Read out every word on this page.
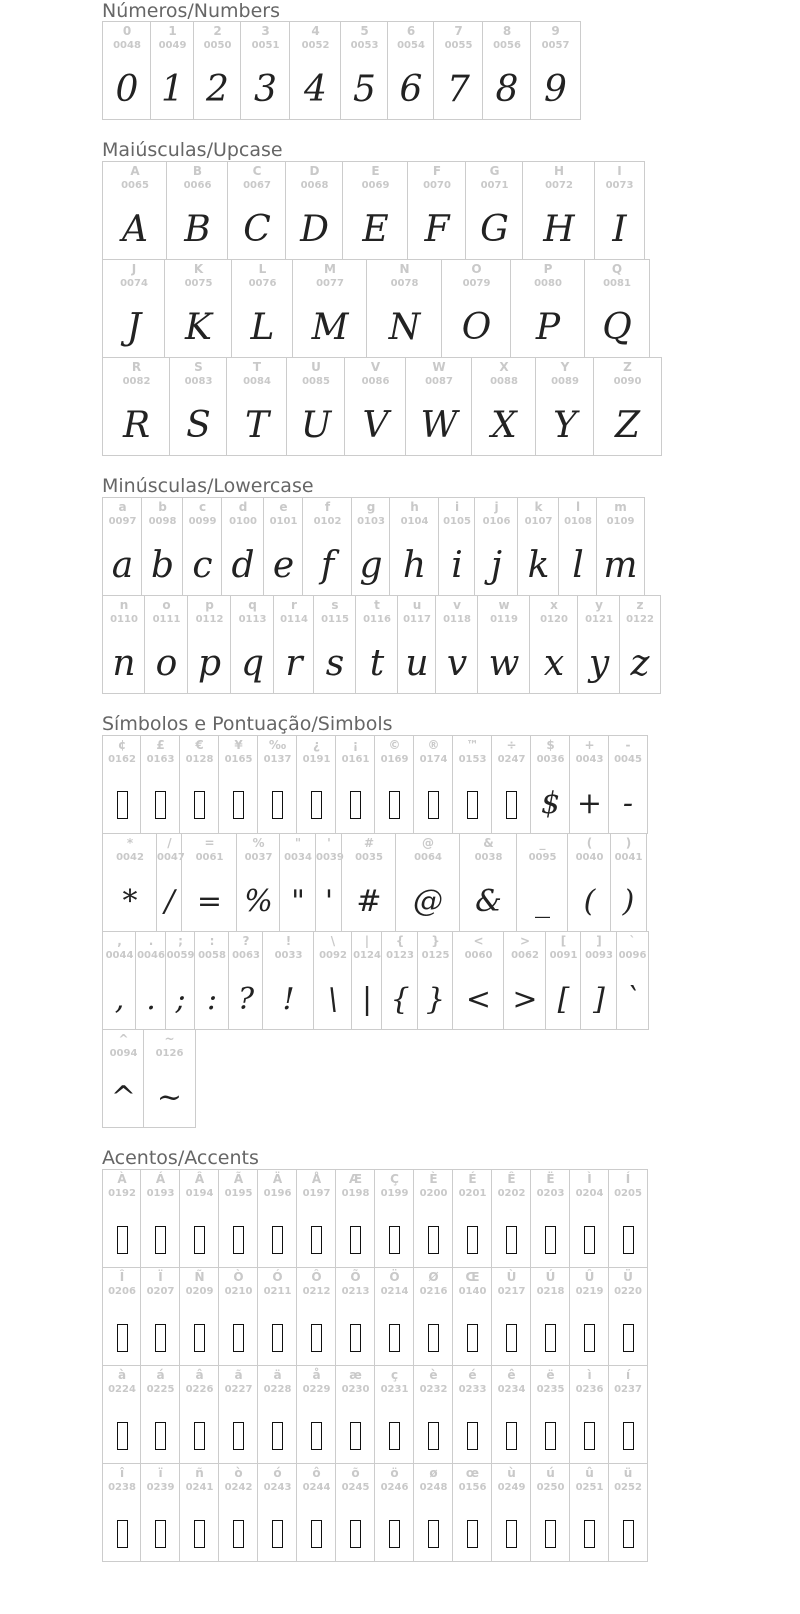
Números/Numbers
0
0048
0
1
0049
1
2
0050
2
3
0051
3
4
0052
4
5
0053
5
6
0054
6
7
0055
7
8
0056
8
9
0057
9
Maiúsculas/Upcase
A
0065
A
B
0066
B
C
0067
C
D
0068
D
E
0069
E
F
0070
F
G
0071
G
H
0072
H
I
0073
I
J
0074
J
K
0075
K
L
0076
L
M
0077
M
N
0078
N
O
0079
O
P
0080
P
Q
0081
Q
R
0082
R
S
0083
S
T
0084
T
U
0085
U
V
0086
V
W
0087
W
X
0088
X
Y
0089
Y
Z
0090
Z
Minúsculas/Lowercase
a
0097
a
b
0098
b
c
0099
c
d
0100
d
e
0101
e
f
0102
f
g
0103
g
h
0104
h
i
0105
i
j
0106
j
k
0107
k
l
0108
l
m
0109
m
n
0110
n
o
0111
o
p
0112
p
q
0113
q
r
0114
r
s
0115
s
t
0116
t
u
0117
u
v
0118
v
w
0119
w
x
0120
x
y
0121
y
z
0122
z
Símbolos e Pontuação/Simbols
¢
0162
£
0163
€
0128
¥
0165
‰
0137
¿
0191
¡
0161
©
0169
®
0174
™
0153
÷
0247
$
0036
$
+
0043
+
-
0045
-
*
0042
*
/
0047
/
=
0061
=
%
0037
%
"
0034
"
'
0039
'
#
0035
#
@
0064
@
&
0038
&
_
0095
_
(
0040
(
)
0041
)
,
0044
,
.
0046
.
;
0059
;
:
0058
:
?
0063
?
!
0033
!
\
0092
\
|
0124
|
{
0123
{
}
0125
}
<
0060
<
>
0062
>
[
0091
[
]
0093
]
`
0096
`
^
0094
^
~
0126
~
Acentos/Accents
À
0192
Á
0193
Â
0194
Ã
0195
Ä
0196
Å
0197
Æ
0198
Ç
0199
È
0200
É
0201
Ê
0202
Ë
0203
Ì
0204
Í
0205
Î
0206
Ï
0207
Ñ
0209
Ò
0210
Ó
0211
Ô
0212
Õ
0213
Ö
0214
Ø
0216
Œ
0140
Ù
0217
Ú
0218
Û
0219
Ü
0220
à
0224
á
0225
â
0226
ã
0227
ä
0228
å
0229
æ
0230
ç
0231
è
0232
é
0233
ê
0234
ë
0235
ì
0236
í
0237
î
0238
ï
0239
ñ
0241
ò
0242
ó
0243
ô
0244
õ
0245
ö
0246
ø
0248
œ
0156
ù
0249
ú
0250
û
0251
ü
0252
